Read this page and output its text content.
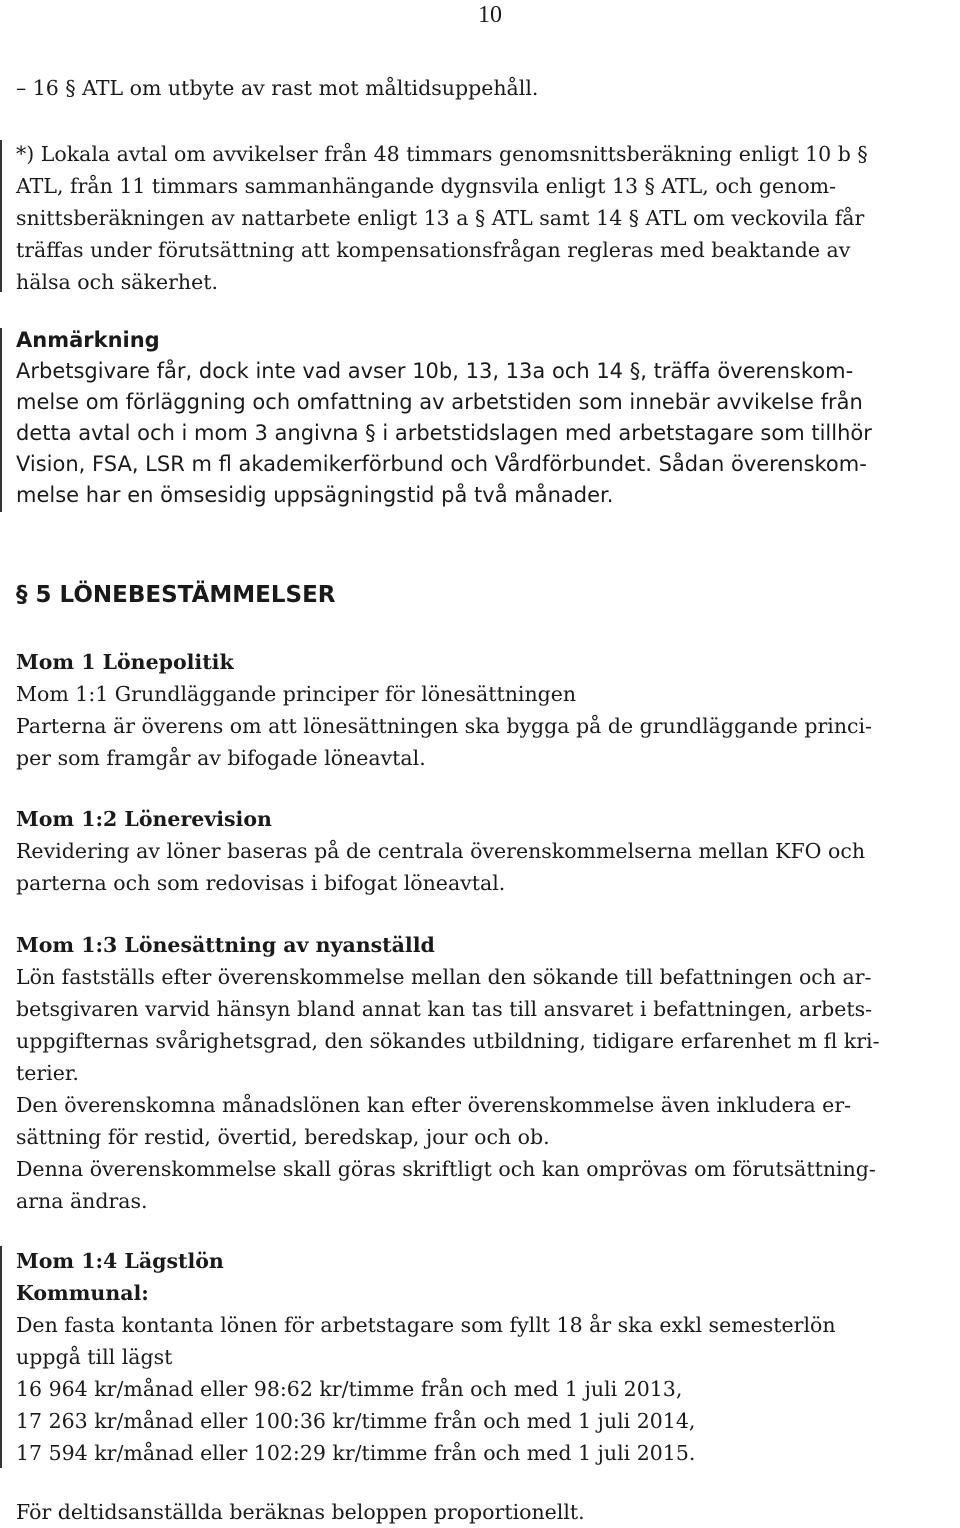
10
– 16 § ATL om utbyte av rast mot måltidsuppehåll.
*) Lokala avtal om avvikelser från 48 timmars genomsnittsberäkning enligt 10 b §
ATL, från 11 timmars sammanhängande dygnsvila enligt 13 § ATL, och genom-
snittsberäkningen av nattarbete enligt 13 a § ATL samt 14 § ATL om veckovila får
träffas under förutsättning att kompensationsfrågan regleras med beaktande av
hälsa och säkerhet.
Anmärkning
Arbetsgivare får, dock inte vad avser 10b, 13, 13a och 14 §, träffa överenskom-
melse om förläggning och omfattning av arbetstiden som innebär avvikelse från
detta avtal och i mom 3 angivna § i arbetstidslagen med arbetstagare som tillhör
Vision, FSA, LSR m fl akademikerförbund och Vårdförbundet. Sådan överenskom-
melse har en ömsesidig uppsägningstid på två månader.
§ 5 LÖNEBESTÄMMELSER
Mom 1 Lönepolitik
Mom 1:1 Grundläggande principer för lönesättningen
Parterna är överens om att lönesättningen ska bygga på de grundläggande princi-
per som framgår av bifogade löneavtal.
Mom 1:2 Lönerevision
Revidering av löner baseras på de centrala överenskommelserna mellan KFO och
parterna och som redovisas i bifogat löneavtal.
Mom 1:3 Lönesättning av nyanställd
Lön fastställs efter överenskommelse mellan den sökande till befattningen och ar-
betsgivaren varvid hänsyn bland annat kan tas till ansvaret i befattningen, arbets-
uppgifternas svårighetsgrad, den sökandes utbildning, tidigare erfarenhet m fl kri-
terier.
Den överenskomna månadslönen kan efter överenskommelse även inkludera er-
sättning för restid, övertid, beredskap, jour och ob.
Denna överenskommelse skall göras skriftligt och kan omprövas om förutsättning-
arna ändras.
Mom 1:4 Lägstlön
Kommunal:
Den fasta kontanta lönen för arbetstagare som fyllt 18 år ska exkl semesterlön
uppgå till lägst
16 964 kr/månad eller 98:62 kr/timme från och med 1 juli 2013,
17 263 kr/månad eller 100:36 kr/timme från och med 1 juli 2014,
17 594 kr/månad eller 102:29 kr/timme från och med 1 juli 2015.
För deltidsanställda beräknas beloppen proportionellt.
